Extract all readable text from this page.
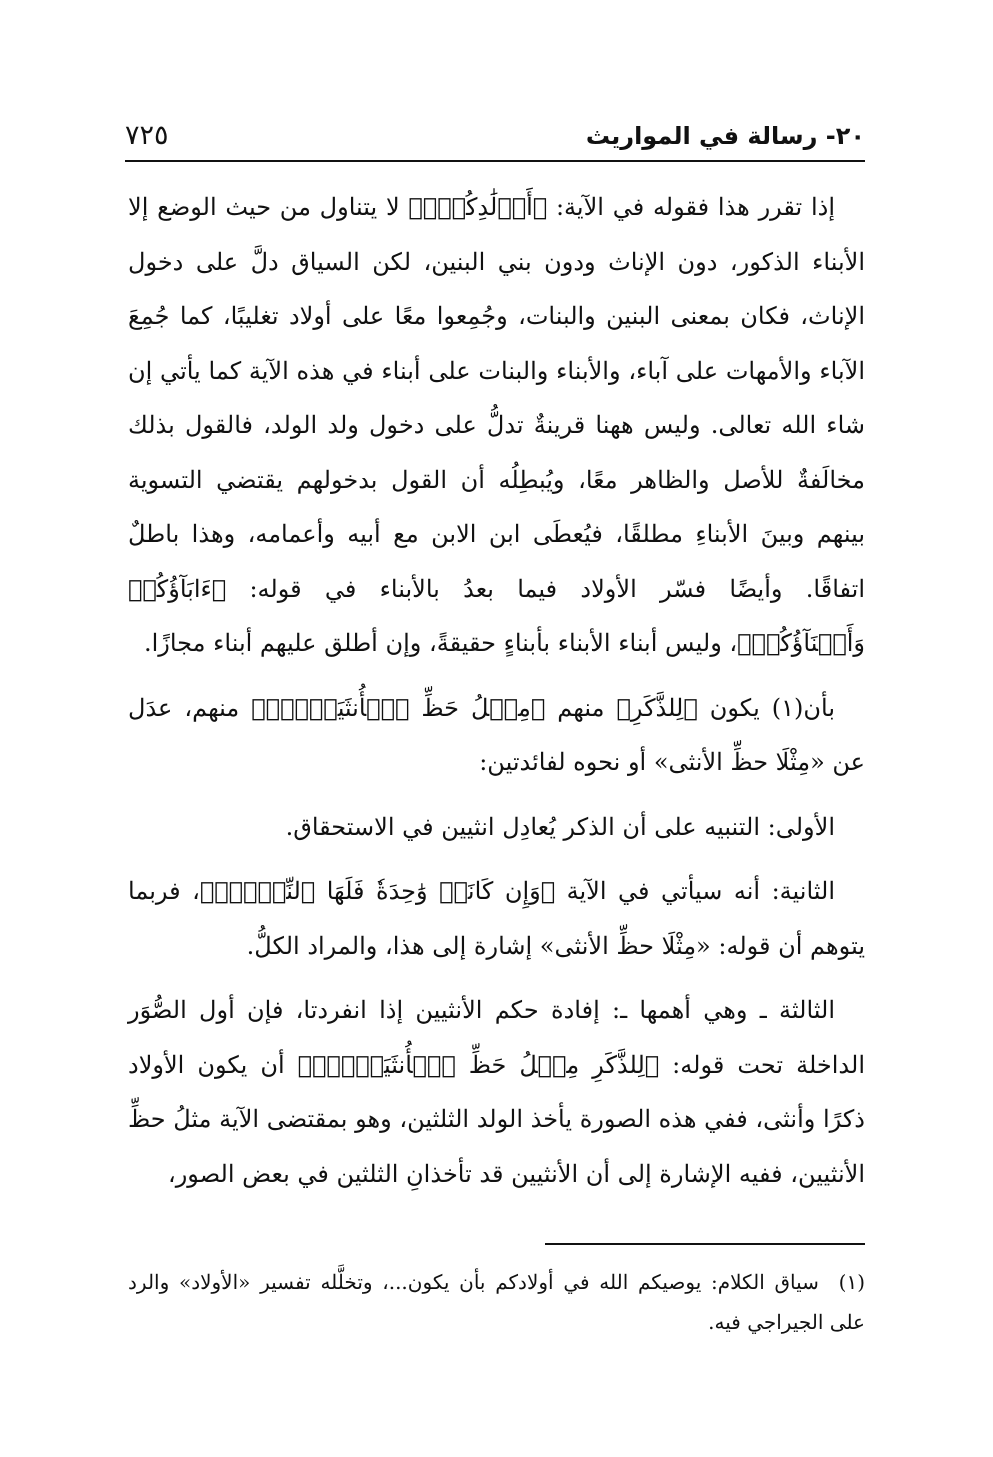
٢٠- رسالة في المواريث
٧٢٥

إذا تقرر هذا فقوله في الآية: ﴿أَوۡلَٰدِكُمۡۖ﴾ لا يتناول من حيث الوضع إلا الأبناء الذكور، دون الإناث ودون بني البنين، لكن السياق دلَّ على دخول الإناث، فكان بمعنى البنين والبنات، وجُمِعوا معًا على أولاد تغليبًا، كما جُمِعَ الآباء والأمهات على آباء، والأبناء والبنات على أبناء في هذه الآية كما يأتي إن شاء الله تعالى. وليس ههنا قرينةٌ تدلُّ على دخول ولد الولد، فالقول بذلك مخالَفةٌ للأصل والظاهر معًا، ويُبطِلُه أن القول بدخولهم يقتضي التسوية بينهم وبينَ الأبناءِ مطلقًا، فيُعطَى ابن الابن مع أبيه وأعمامه، وهذا باطلٌ اتفاقًا. وأيضًا فسّر الأولاد فيما بعدُ بالأبناء في قوله: ﴿ءَابَآؤُكُمۡ وَأَبۡنَآؤُكُمۡ﴾، وليس أبناء الأبناء بأبناءٍ حقيقةً، وإن أطلق عليهم أبناء مجازًا.

بأن(١) يكون ﴿لِلذَّكَرِ﴾ منهم ﴿مِثۡلُ حَظِّ ٱلۡأُنثَيَيۡنِۚ﴾ منهم، عدَل عن «مِثْلَا حظِّ الأنثى» أو نحوه لفائدتين:

الأولى: التنبيه على أن الذكر يُعادِل انثيين في الاستحقاق.

الثانية: أنه سيأتي في الآية ﴿وَإِن كَانَتۡ وَٰحِدَةٗ فَلَهَا ٱلنِّصۡفُۚ﴾، فربما يتوهم أن قوله: «مِثْلَا حظِّ الأنثى» إشارة إلى هذا، والمراد الكلُّ.

الثالثة ـ وهي أهمها ـ: إفادة حكم الأنثيين إذا انفردتا، فإن أول الصُّوَر الداخلة تحت قوله: ﴿لِلذَّكَرِ مِثۡلُ حَظِّ ٱلۡأُنثَيَيۡنِۚ﴾ أن يكون الأولاد ذكرًا وأنثى، ففي هذه الصورة يأخذ الولد الثلثين، وهو بمقتضى الآية مثلُ حظِّ الأنثيين، ففيه الإشارة إلى أن الأنثيين قد تأخذانِ الثلثين في بعض الصور،

(١) سياق الكلام: يوصيكم الله في أولادكم بأن يكون...، وتخلَّله تفسير «الأولاد» والرد على الجيراجي فيه.
